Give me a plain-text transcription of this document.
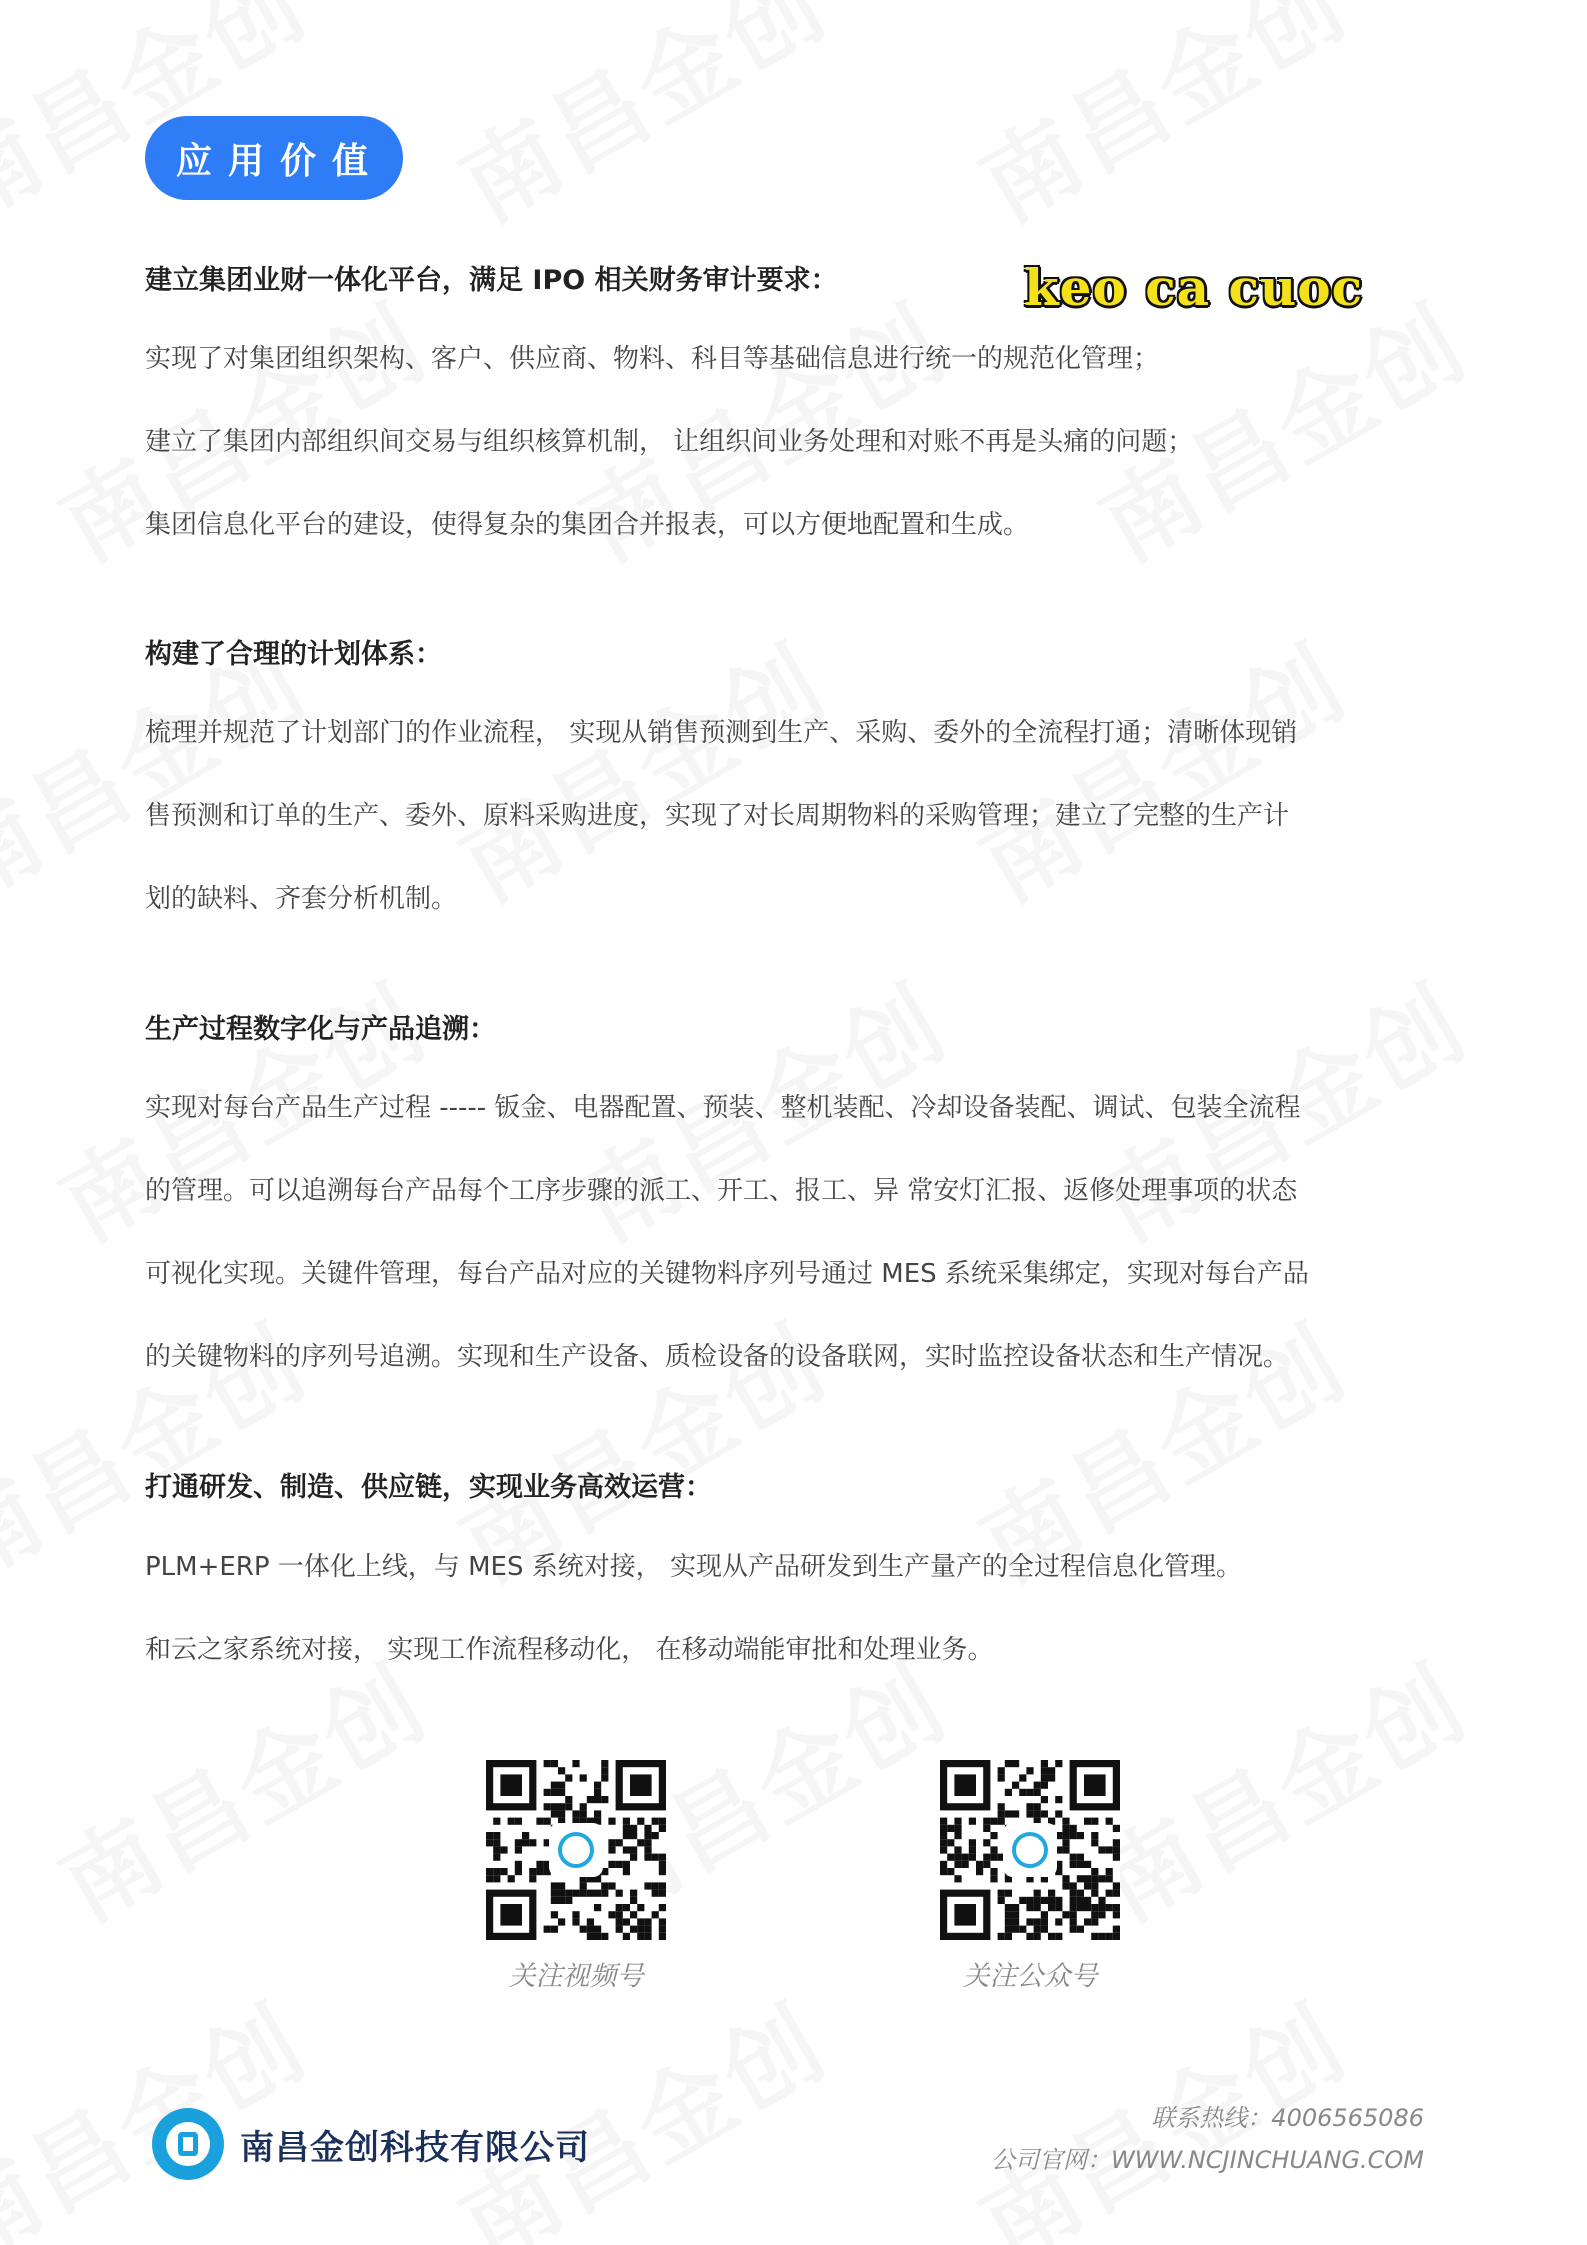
应用价值
keo ca cuoc
建立集团业财一体化平台，满足 IPO 相关财务审计要求：
实现了对集团组织架构、客户、供应商、物料、科目等基础信息进行统一的规范化管理；
建立了集团内部组织间交易与组织核算机制， 让组织间业务处理和对账不再是头痛的问题；
集团信息化平台的建设，使得复杂的集团合并报表，可以方便地配置和生成。
构建了合理的计划体系：
梳理并规范了计划部门的作业流程， 实现从销售预测到生产、采购、委外的全流程打通；清晰体现销
售预测和订单的生产、委外、原料采购进度，实现了对长周期物料的采购管理；建立了完整的生产计
划的缺料、齐套分析机制。
生产过程数字化与产品追溯：
实现对每台产品生产过程 ----- 钣金、电器配置、预装、整机装配、冷却设备装配、调试、包装全流程
的管理。可以追溯每台产品每个工序步骤的派工、开工、报工、异 常安灯汇报、返修处理事项的状态
可视化实现。关键件管理，每台产品对应的关键物料序列号通过 MES 系统采集绑定，实现对每台产品
的关键物料的序列号追溯。实现和生产设备、质检设备的设备联网，实时监控设备状态和生产情况。
打通研发、制造、供应链，实现业务高效运营：
PLM+ERP 一体化上线，与 MES 系统对接， 实现从产品研发到生产量产的全过程信息化管理。
和云之家系统对接， 实现工作流程移动化， 在移动端能审批和处理业务。
关注视频号	关注公众号
南昌金创科技有限公司
联系热线：4006565086
公司官网：WWW.NCJINCHUANG.COM
